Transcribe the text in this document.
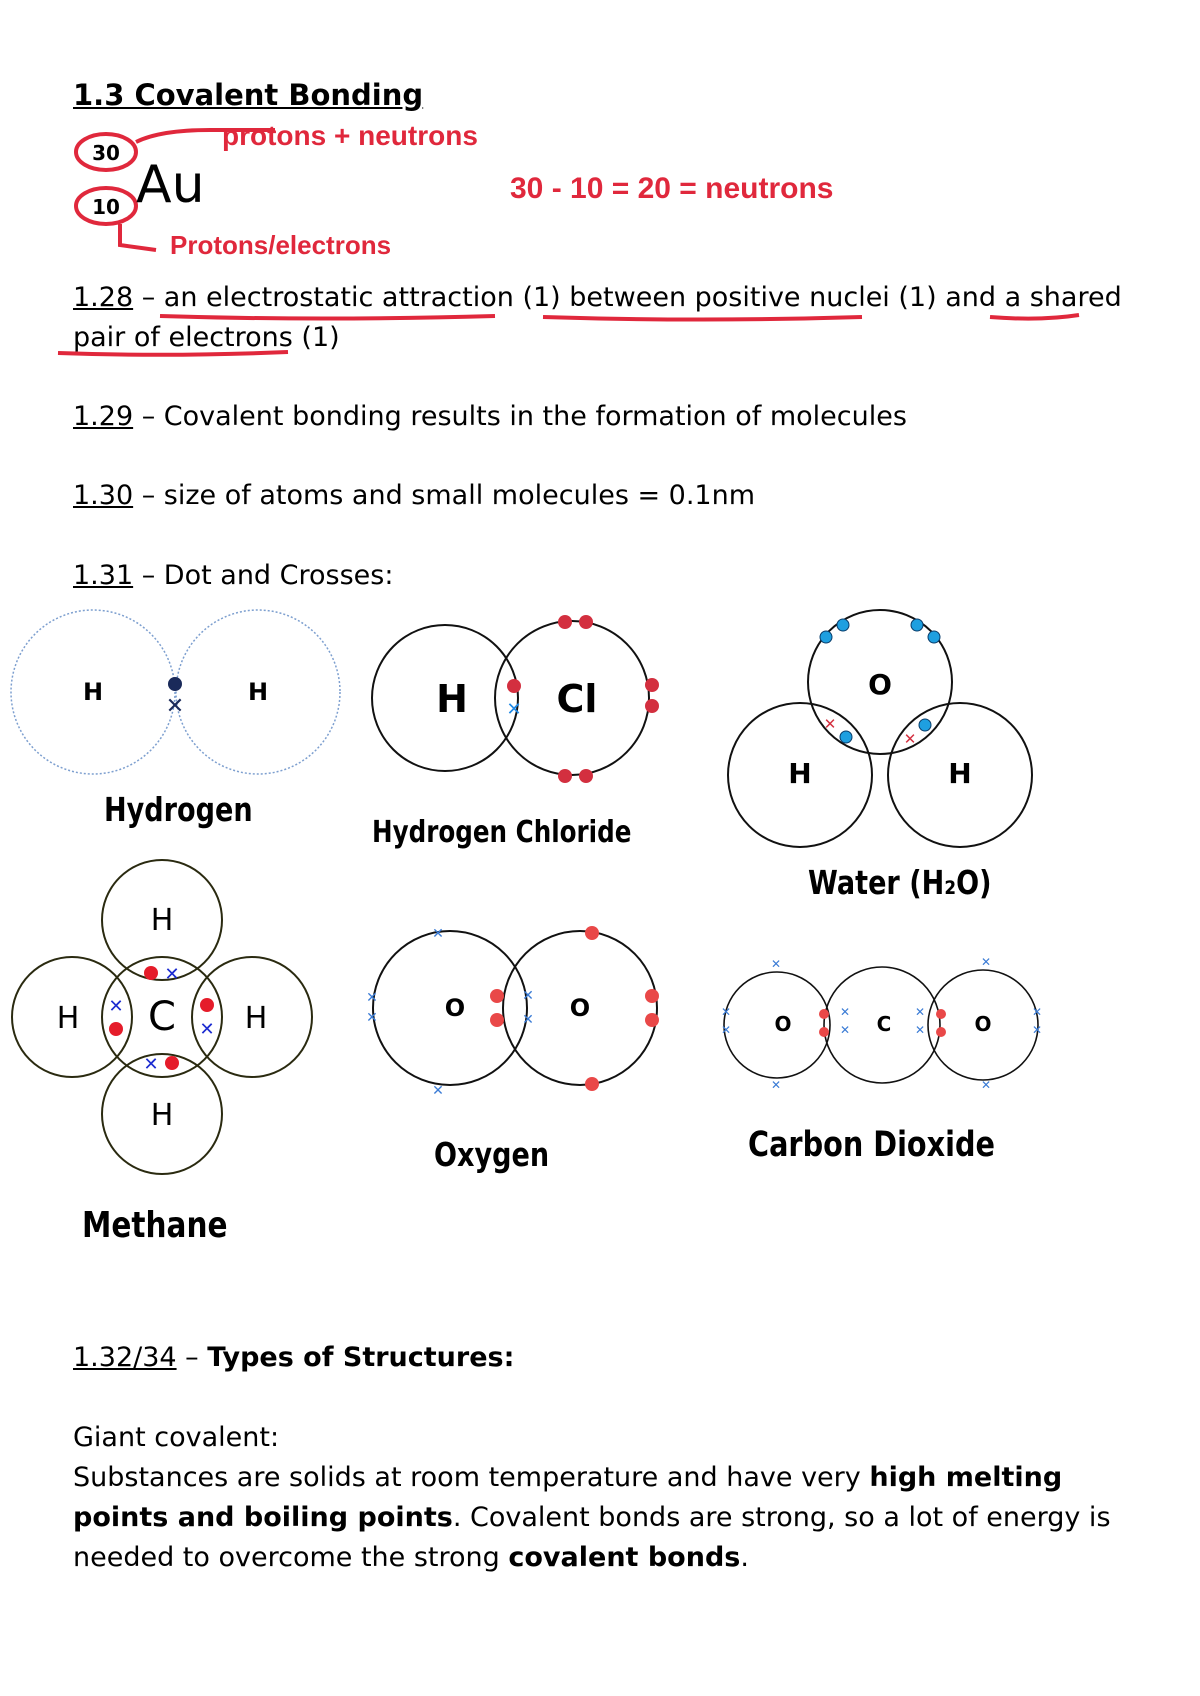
1.3 Covalent Bonding
30
10 Au
protons + neutrons
Protons/electrons
30 - 10 = 20 = neutrons
1.28 – an electrostatic attraction (1) between positive nuclei (1) and a shared
pair of electrons (1)
1.29 – Covalent bonding results in the formation of molecules
1.30 – size of atoms and small molecules = 0.1nm
1.31 – Dot and Crosses:
H	H
✕	H Cl
✕
O
H	H
✕
✕
H
H C H
H
✕
✕
✕
✕
O	O
✕
✕
✕
✕
✕
✕	O	C	O
✕
✕
✕
✕
✕
✕
✕
✕
✕
✕
✕
✕
Hydrogen
Hydrogen Chloride
Water (H₂O)
Methane
Oxygen	Carbon Dioxide
1.32/34 – Types of Structures:
Giant covalent:
Substances are solids at room temperature and have very high melting
points and boiling points. Covalent bonds are strong, so a lot of energy is
needed to overcome the strong covalent bonds.
